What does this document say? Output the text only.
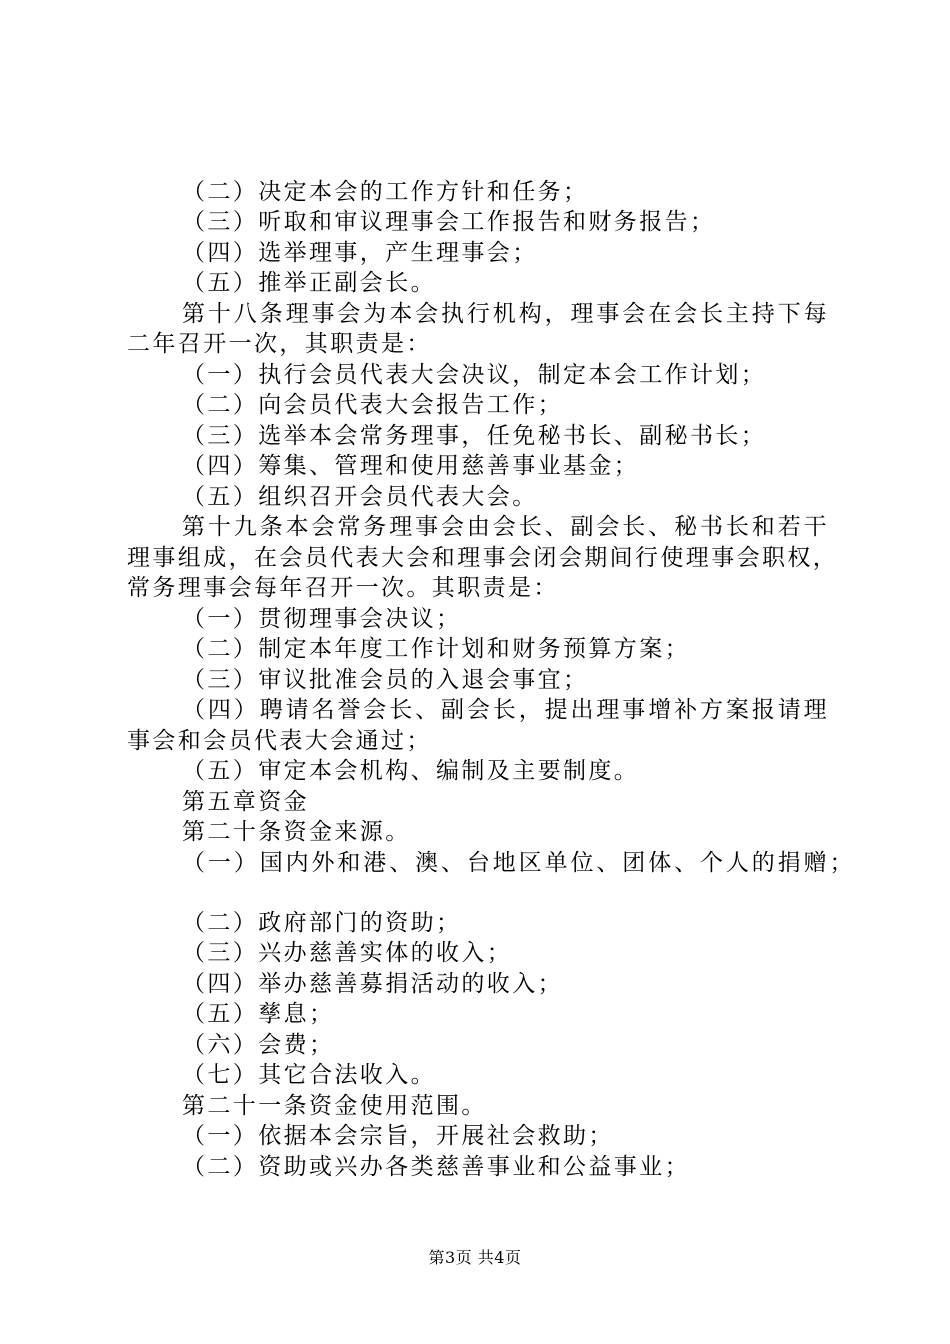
（二）决定本会的工作方针和任务；
（三）听取和审议理事会工作报告和财务报告；
（四）选举理事，产生理事会；
（五）推举正副会长。
第十八条理事会为本会执行机构，理事会在会长主持下每
二年召开一次，其职责是：
（一）执行会员代表大会决议，制定本会工作计划；
（二）向会员代表大会报告工作；
（三）选举本会常务理事，任免秘书长、副秘书长；
（四）筹集、管理和使用慈善事业基金；
（五）组织召开会员代表大会。
第十九条本会常务理事会由会长、副会长、秘书长和若干
理事组成，在会员代表大会和理事会闭会期间行使理事会职权，
常务理事会每年召开一次。其职责是：
（一）贯彻理事会决议；
（二）制定本年度工作计划和财务预算方案；
（三）审议批准会员的入退会事宜；
（四）聘请名誉会长、副会长，提出理事增补方案报请理
事会和会员代表大会通过；
（五）审定本会机构、编制及主要制度。
第五章资金
第二十条资金来源。
（一）国内外和港、澳、台地区单位、团体、个人的捐赠；
（二）政府部门的资助；
（三）兴办慈善实体的收入；
（四）举办慈善募捐活动的收入；
（五）孳息；
（六）会费；
（七）其它合法收入。
第二十一条资金使用范围。
（一）依据本会宗旨，开展社会救助；
（二）资助或兴办各类慈善事业和公益事业；
第3页 共4页
